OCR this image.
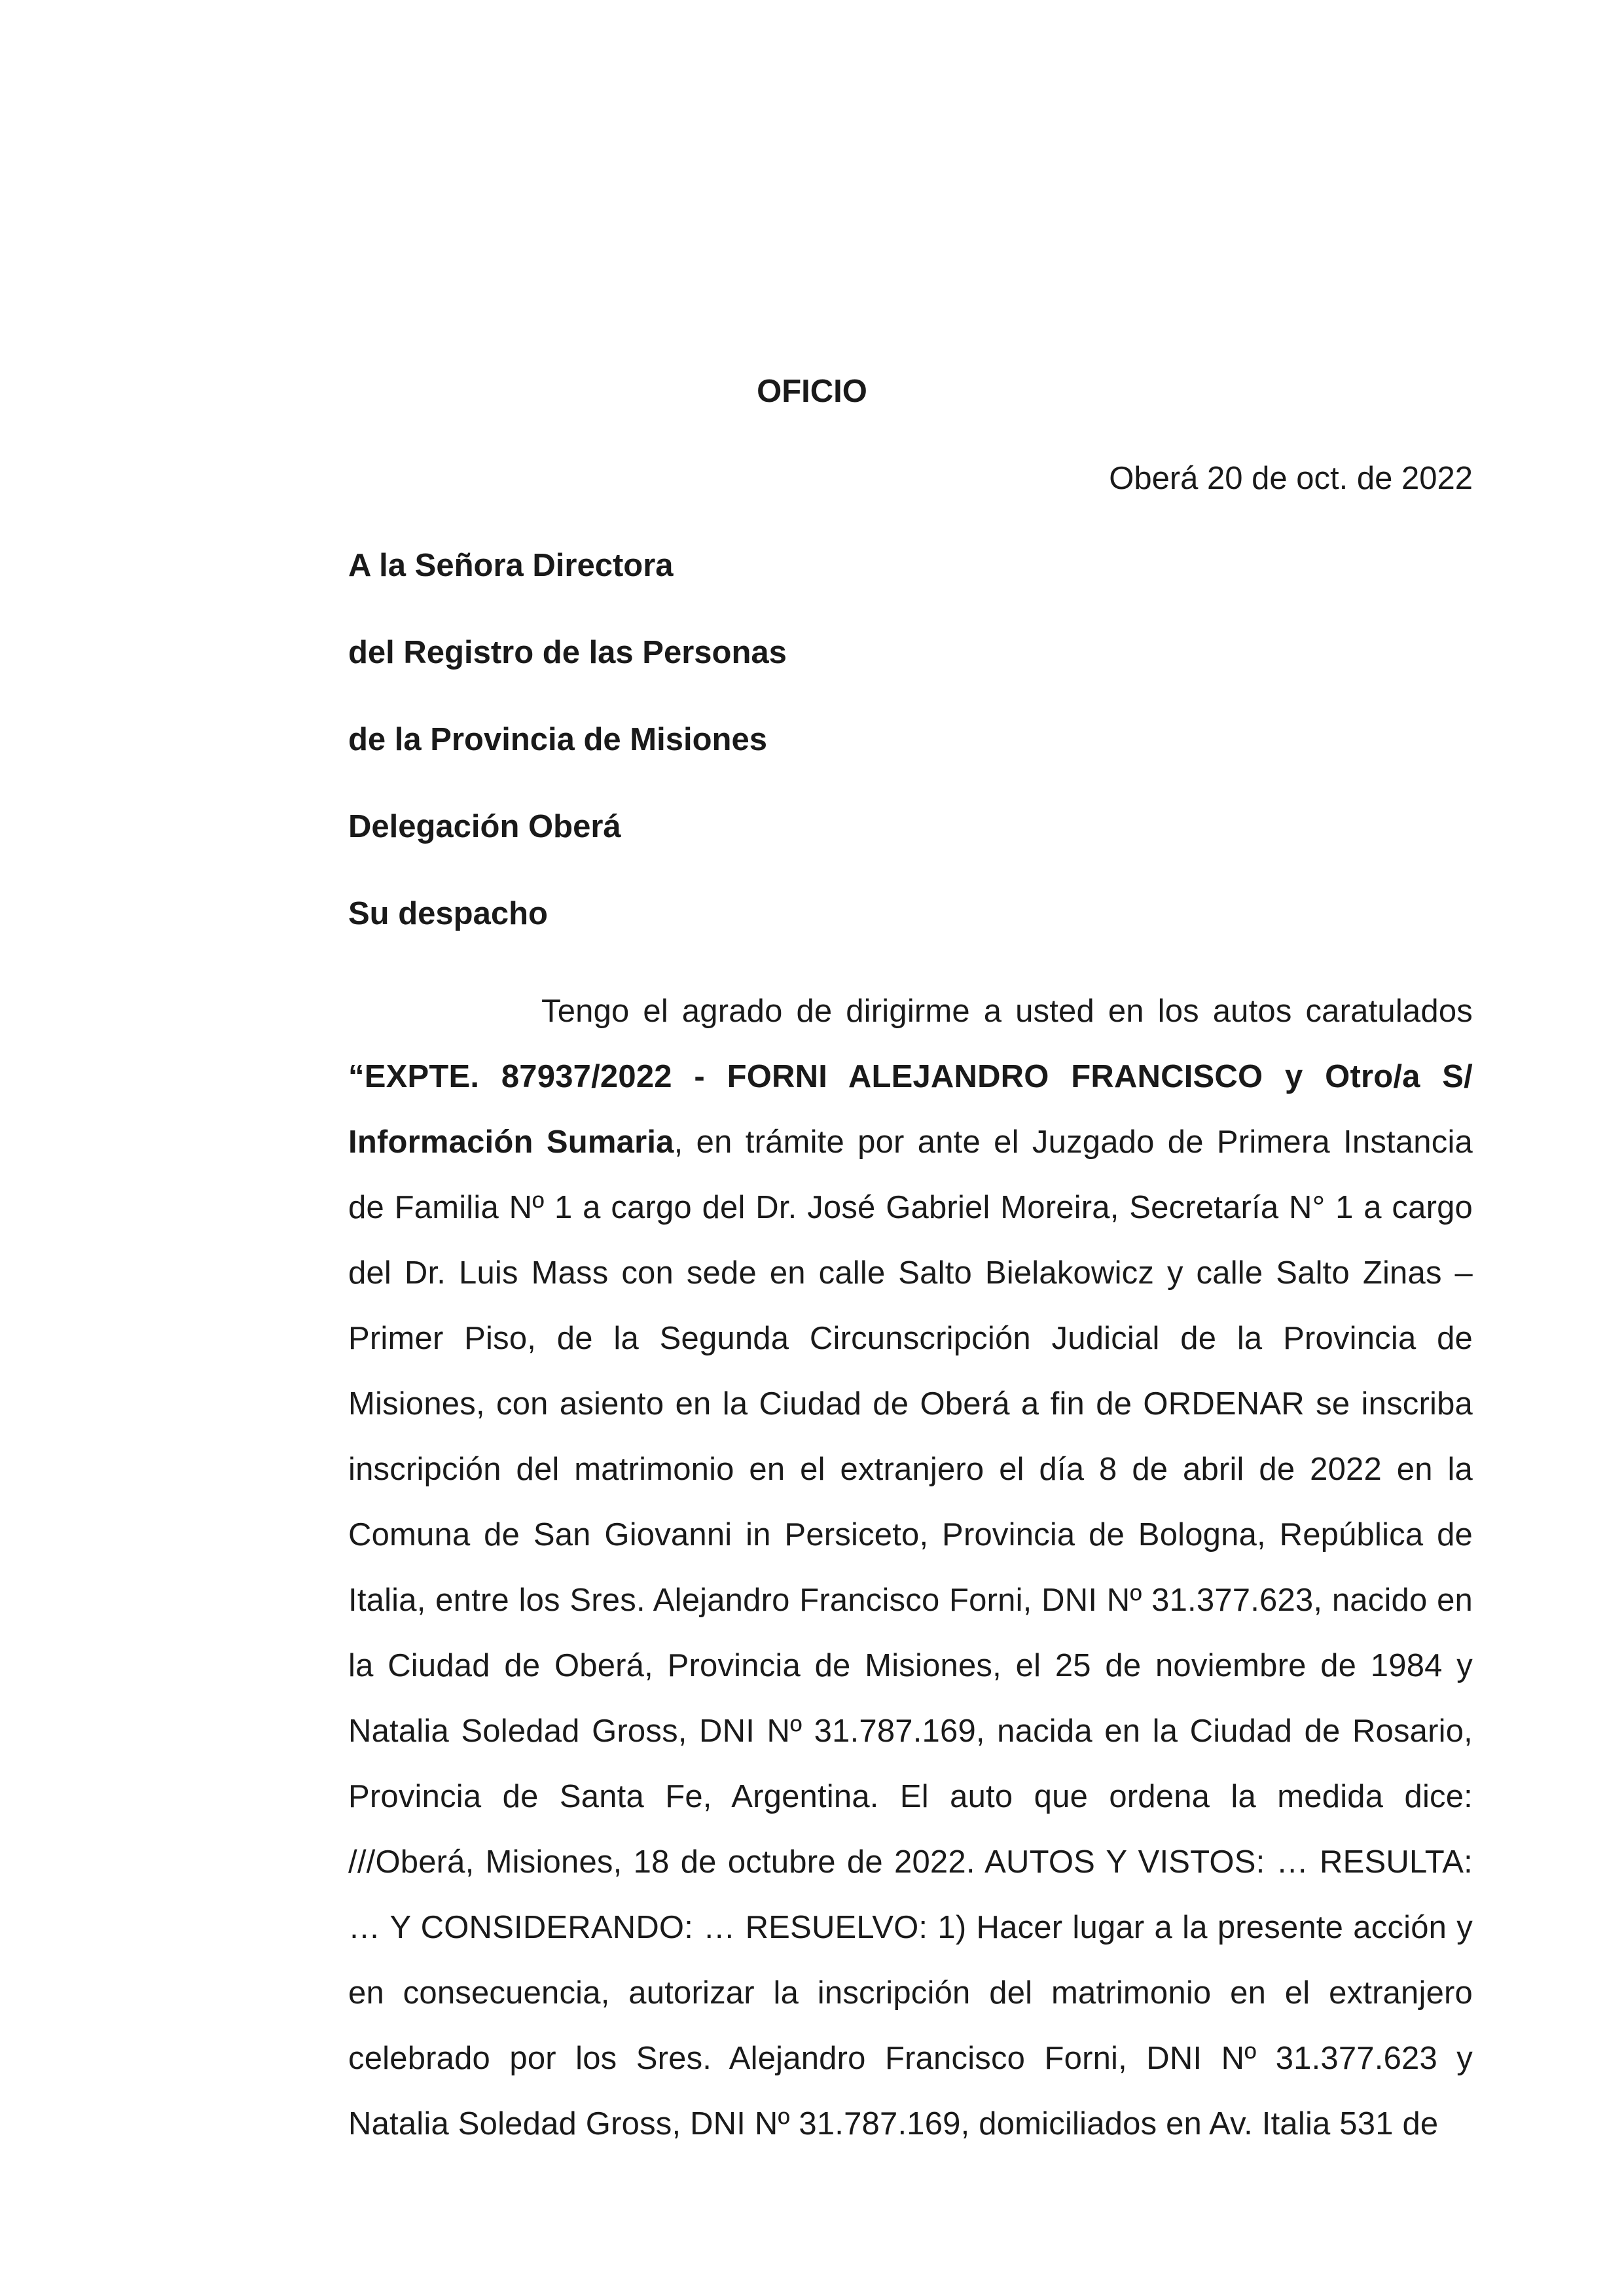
OFICIO
Oberá 20 de oct. de 2022
A la Señora Directora
del Registro de las Personas
de la Provincia de Misiones
Delegación Oberá
Su despacho
Tengo el agrado de dirigirme a usted en los autos caratulados “EXPTE. 87937/2022 - FORNI ALEJANDRO FRANCISCO y Otro/a S/ Información Sumaria, en trámite por ante el Juzgado de Primera Instancia de Familia Nº 1 a cargo del Dr. José Gabriel Moreira, Secretaría N° 1 a cargo del Dr. Luis Mass con sede en calle Salto Bielakowicz y calle Salto Zinas – Primer Piso, de la Segunda Circunscripción Judicial de la Provincia de Misiones, con asiento en la Ciudad de Oberá a fin de ORDENAR se inscriba inscripción del matrimonio en el extranjero el día 8 de abril de 2022 en la Comuna de San Giovanni in Persiceto, Provincia de Bologna, República de Italia, entre los Sres. Alejandro Francisco Forni, DNI Nº 31.377.623, nacido en la Ciudad de Oberá, Provincia de Misiones, el 25 de noviembre de 1984 y Natalia Soledad Gross, DNI Nº 31.787.169, nacida en la Ciudad de Rosario, Provincia de Santa Fe, Argentina. El auto que ordena la medida dice: ///Oberá, Misiones, 18 de octubre de 2022. AUTOS Y VISTOS: … RESULTA: … Y CONSIDERANDO: … RESUELVO: 1) Hacer lugar a la presente acción y en consecuencia, autorizar la inscripción del matrimonio en el extranjero celebrado por los Sres. Alejandro Francisco Forni, DNI Nº 31.377.623 y Natalia Soledad Gross, DNI Nº 31.787.169, domiciliados en Av. Italia 531 de
